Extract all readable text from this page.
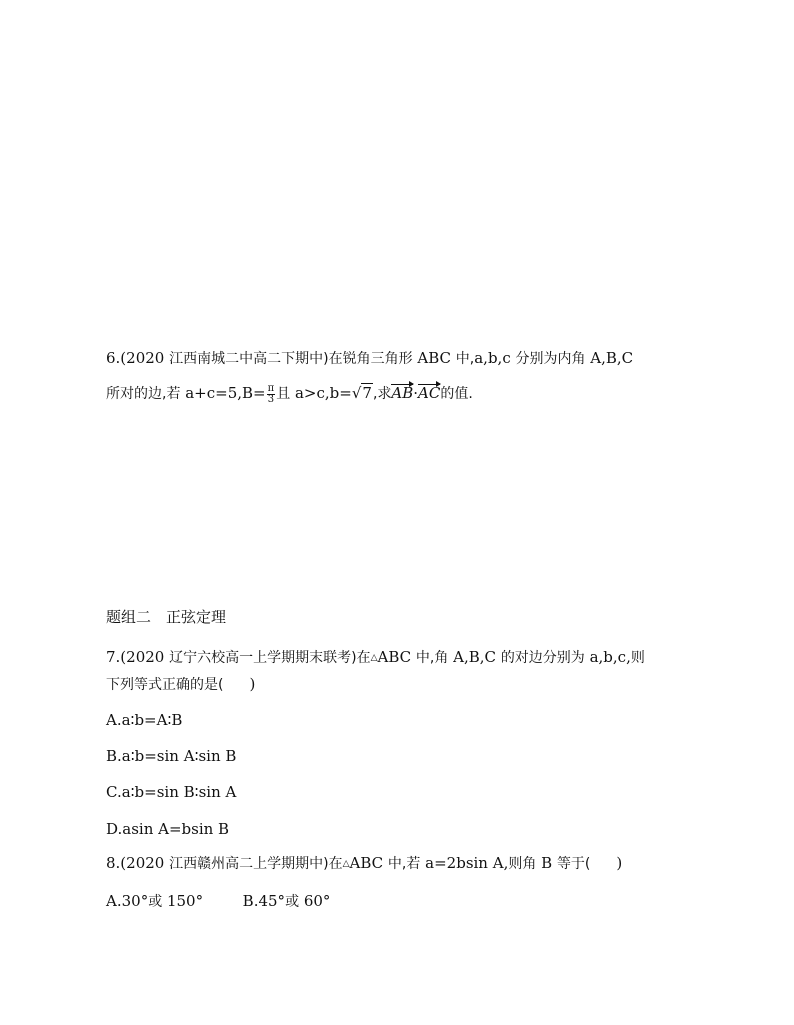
6.(2020 江西南城二中高二下期中)在锐角三角形 ABC 中,a,b,c 分别为内角 A,B,C
所对的边,若 $a+c=5,B= \frac{\pi}{3}$ 且 a>c,b=√7,求AB·AC的值.
题组二　正弦定理
7.(2020 辽宁六校高一上学期期末联考)在△ABC 中,角 A,B,C 的对边分别为 a,b,c,则
下列等式正确的是( )
A.a∶b=A∶B
B.a∶b=sin A∶sin B
C.a∶b=sin B∶sin A
D.asin A=bsin B
8.(2020 江西赣州高二上学期期中)在△ABC 中,若 a=2bsin A,则角 B 等于( )
A.30°或 150°	B.45°或 60°
